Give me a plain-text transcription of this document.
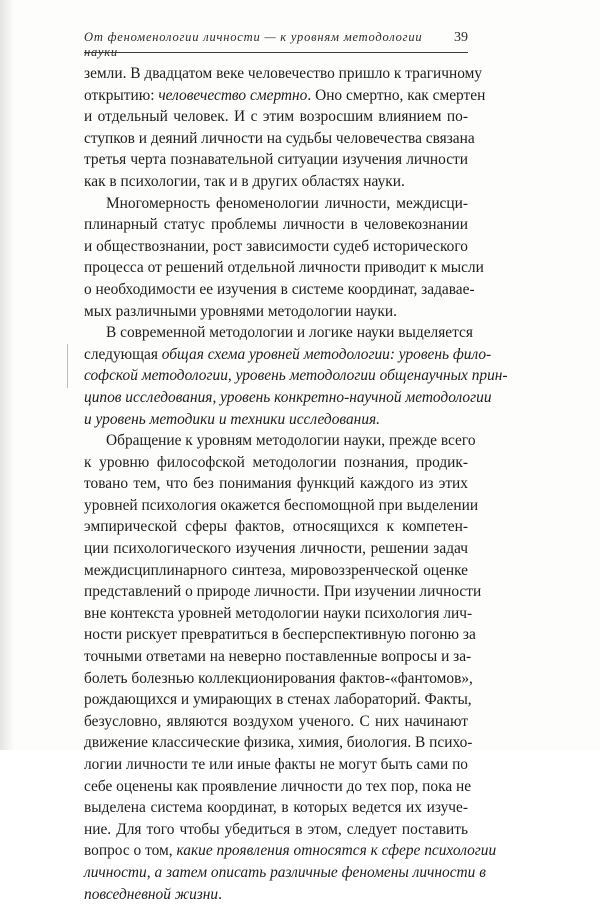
От феноменологии личности — к уровням методологии науки
39
земли. В двадцатом веке человечество пришло к трагичному
открытию: человечество смертно. Оно смертно, как смертен
и отдельный человек. И с этим возросшим влиянием по-
ступков и деяний личности на судьбы человечества связана
третья черта познавательной ситуации изучения личности
как в психологии, так и в других областях науки.
Многомерность феноменологии личности, междисци-
плинарный статус проблемы личности в человекознании
и обществознании, рост зависимости судеб исторического
процесса от решений отдельной личности приводит к мысли
о необходимости ее изучения в системе координат, задавае-
мых различными уровнями методологии науки.
В современной методологии и логике науки выделяется
следующая общая схема уровней методологии: уровень фило-
софской методологии, уровень методологии общенаучных прин-
ципов исследования, уровень конкретно-научной методологии
и уровень методики и техники исследования.
Обращение к уровням методологии науки, прежде всего
к уровню философской методологии познания, продик-
товано тем, что без понимания функций каждого из этих
уровней психология окажется беспомощной при выделении
эмпирической сферы фактов, относящихся к компетен-
ции психологического изучения личности, решении задач
междисциплинарного синтеза, мировоззренческой оценке
представлений о природе личности. При изучении личности
вне контекста уровней методологии науки психология лич-
ности рискует превратиться в бесперспективную погоню за
точными ответами на неверно поставленные вопросы и за-
болеть болезнью коллекционирования фактов-«фантомов»,
рождающихся и умирающих в стенах лабораторий. Факты,
безусловно, являются воздухом ученого. С них начинают
движение классические физика, химия, биология. В психо-
логии личности те или иные факты не могут быть сами по
себе оценены как проявление личности до тех пор, пока не
выделена система координат, в которых ведется их изуче-
ние. Для того чтобы убедиться в этом, следует поставить
вопрос о том, какие проявления относятся к сфере психологии
личности, а затем описать различные феномены личности в
повседневной жизни.
